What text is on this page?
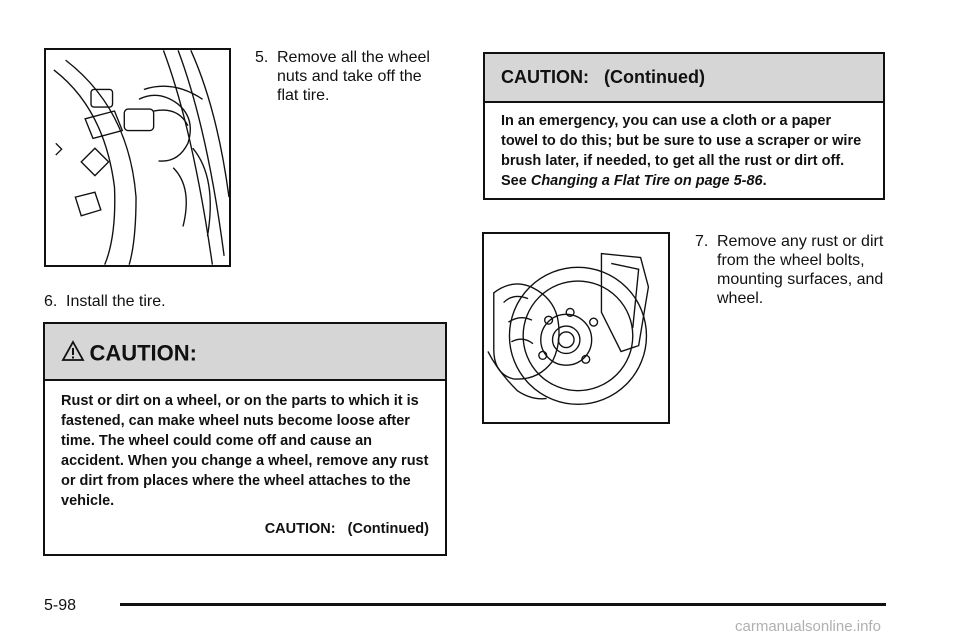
5. Remove all the wheel nuts and take off the flat tire.
6. Install the tire.
CAUTION:
Rust or dirt on a wheel, or on the parts to which it is fastened, can make wheel nuts become loose after time. The wheel could come off and cause an accident. When you change a wheel, remove any rust or dirt from places where the wheel attaches to the vehicle.
CAUTION:   (Continued)
CAUTION:   (Continued)
In an emergency, you can use a cloth or a paper towel to do this; but be sure to use a scraper or wire brush later, if needed, to get all the rust or dirt off. See Changing a Flat Tire on page 5-86.
7. Remove any rust or dirt from the wheel bolts, mounting surfaces, and wheel.
5-98
carmanualsonline.info
